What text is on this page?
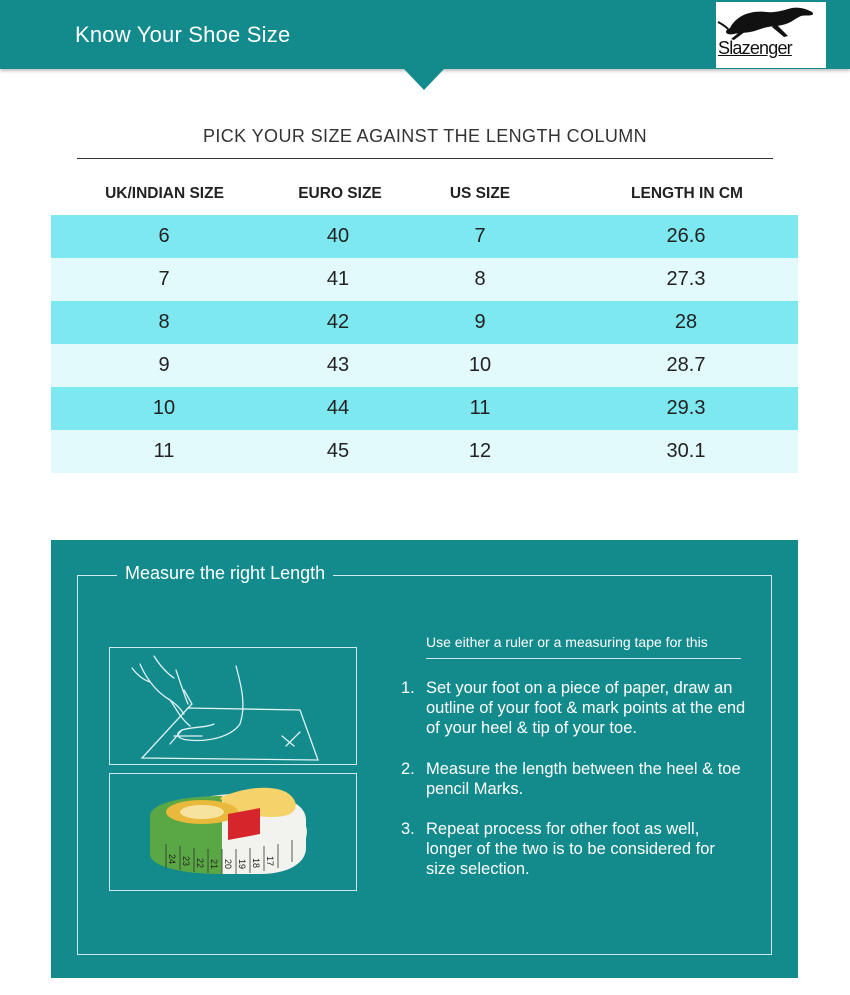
Know Your Shoe Size
Slazenger
PICK YOUR SIZE AGAINST THE LENGTH COLUMN
UK/INDIAN SIZE	EURO SIZE	US SIZE	LENGTH IN CM
6	40	7	26.6
7	41	8	27.3
8	42	9	28
9	43	10	28.7
10	44	11	29.3
11	45	12	30.1
Measure the right Length
24 23 22 21 20 19 18 17
Use either a ruler or a measuring tape for this
1. Set your foot on a piece of paper, draw an outline of your foot & mark points at the end of your heel & tip of your toe.
2. Measure the length between the heel & toe pencil Marks.
3. Repeat process for other foot as well, longer of the two is to be considered for size selection.
